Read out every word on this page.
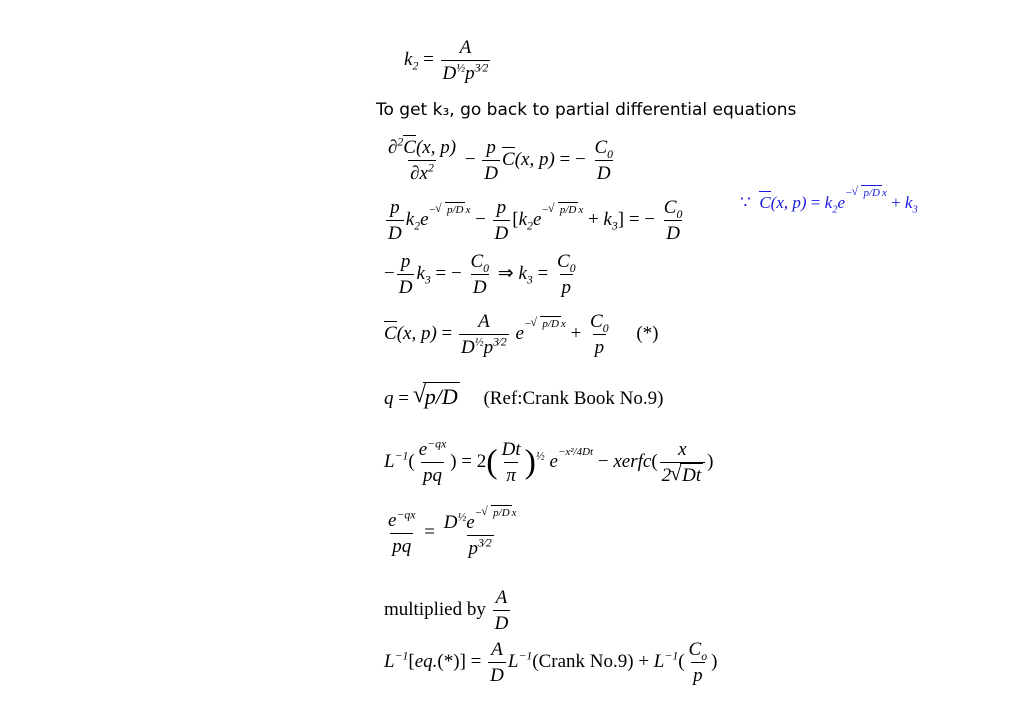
$k_2 = \frac{A}{D^{\frac{1}{2}}p^{3⁄2}}$
To get k₃, go back to partial differential equations
$\frac{\partial^2C(x, p)}{\partial x^2} - \frac{p}{D} C(x$, p) = − $\frac{C_0}{D}$
∵ C(x, $p) = k_2e-√$ p/D $x + k_3$
$\frac{p}{D} k_2e-√$ p/D $x - \frac{p}{D} [k_2e-√$ p/D $x + k_3$] = − $\frac{C_0}{D}$
− $\frac{p}{D} k_3$ = − $\frac{C_0}{D}$ ⇒ $k_3 = \frac{C_0}{p}$
C(x, $p) = \frac{A}{D^{\frac{1}{2}}p^{3⁄2}} e-√$ p/D $x + \frac{C_0}{p}$ (*)
q = √ p/D (Ref:Crank Book No.9)
$L^{-1}( \frac{e^{-qx}}{pq}$ ) = $2( \frac{Dt}{\pi} )^{\frac{1}{2}}$ e−x²/4Dt − xerfc( $\frac{x}{2√ Dt}$ )
$\frac{e^{-qx}}{pq} = \frac{D^{\frac{1}{2}}e-√ p/D x}{p^{3⁄2}}$
multiplied by $\frac{A}{D}$
$L^{-1}[eq.(*)] = \frac{A}{D}$ $L^{-1}(Crank$ $No.9) + L^{-1}( \frac{C_o}{p}$ )
